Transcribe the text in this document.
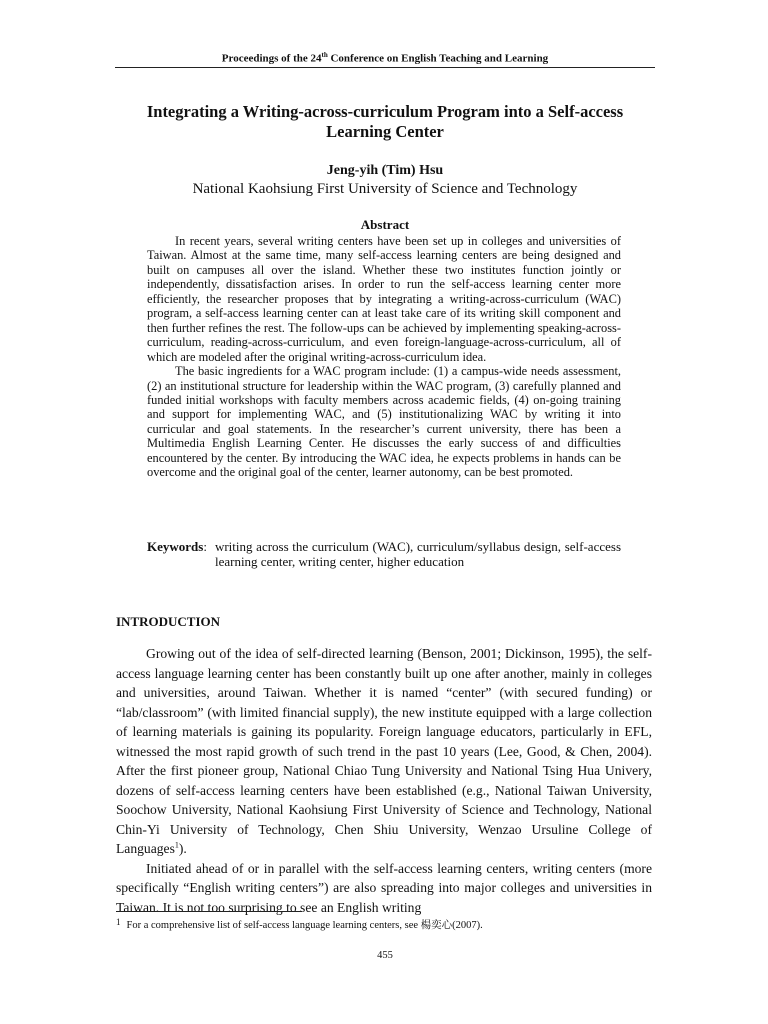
Proceedings of the 24th Conference on English Teaching and Learning
Integrating a Writing-across-curriculum Program into a Self-access Learning Center
Jeng-yih (Tim) Hsu
National Kaohsiung First University of Science and Technology
Abstract

In recent years, several writing centers have been set up in colleges and universities of Taiwan. Almost at the same time, many self-access learning centers are being designed and built on campuses all over the island. Whether these two institutes function jointly or independently, dissatisfaction arises. In order to run the self-access learning center more efficiently, the researcher proposes that by integrating a writing-across-curriculum (WAC) program, a self-access learning center can at least take care of its writing skill component and then further refines the rest. The follow-ups can be achieved by implementing speaking-across-curriculum, reading-across-curriculum, and even foreign-language-across-curriculum, all of which are modeled after the original writing-across-curriculum idea.

The basic ingredients for a WAC program include: (1) a campus-wide needs assessment, (2) an institutional structure for leadership within the WAC program, (3) carefully planned and funded initial workshops with faculty members across academic fields, (4) on-going training and support for implementing WAC, and (5) institutionalizing WAC by writing it into curricular and goal statements. In the researcher’s current university, there has been a Multimedia English Learning Center. He discusses the early success of and difficulties encountered by the center. By introducing the WAC idea, he expects problems in hands can be overcome and the original goal of the center, learner autonomy, can be best promoted.

Keywords : writing across the curriculum (WAC), curriculum/syllabus design, self-access learning center, writing center, higher education
INTRODUCTION

Growing out of the idea of self-directed learning (Benson, 2001; Dickinson, 1995), the self-access language learning center has been constantly built up one after another, mainly in colleges and universities, around Taiwan. Whether it is named “center” (with secured funding) or “lab/classroom” (with limited financial supply), the new institute equipped with a large collection of learning materials is gaining its popularity. Foreign language educators, particularly in EFL, witnessed the most rapid growth of such trend in the past 10 years (Lee, Good, & Chen, 2004). After the first pioneer group, National Chiao Tung University and National Tsing Hua Univery, dozens of self-access learning centers have been established (e.g., National Taiwan University, Soochow University, National Kaohsiung First University of Science and Technology, National Chin-Yi University of Technology, Chen Shiu University, Wenzao Ursuline College of Languages$^1$).

Initiated ahead of or in parallel with the self-access learning centers, writing centers (more specifically “English writing centers”) are also spreading into major colleges and universities in Taiwan. It is not too surprising to see an English writing

1 For a comprehensive list of self-access language learning centers, see 楊奕心(2007).
455
